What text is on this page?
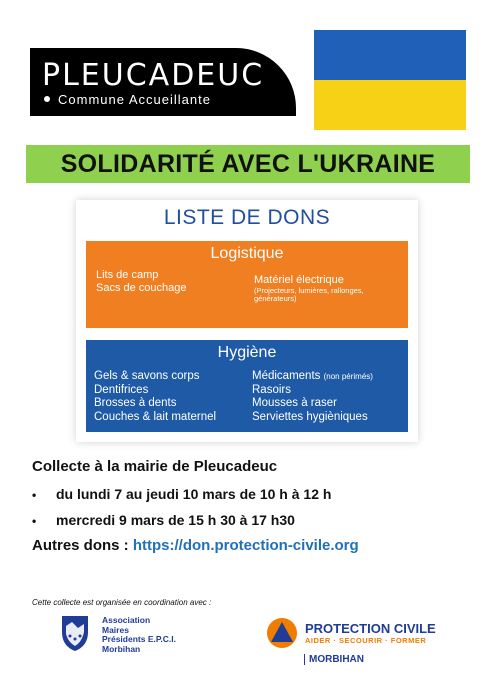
PLEUCADEUC
Commune Accueillante
SOLIDARITÉ AVEC L'UKRAINE
LISTE DE DONS
Logistique
Lits de camp
Sacs de couchage
Matériel électrique
(Projecteurs, lumières, rallonges,
générateurs)
Hygiène
Gels & savons corps
Dentifrices
Brosses à dents
Couches & lait maternel
Médicaments (non périmés)
Rasoirs
Mousses à raser
Serviettes hygièniques
Collecte à la mairie de Pleucadeuc
• du lundi 7 au jeudi 10 mars de 10 h à 12 h
• mercredi 9 mars de 15 h 30 à 17 h30
Autres dons : https://don.protection-civile.org
Cette collecte est organisée en coordination avec :
Association
Maires
Présidents E.P.C.I.
Morbihan
PROTECTION CIVILE
AIDER · SECOURIR · FORMER
MORBIHAN
